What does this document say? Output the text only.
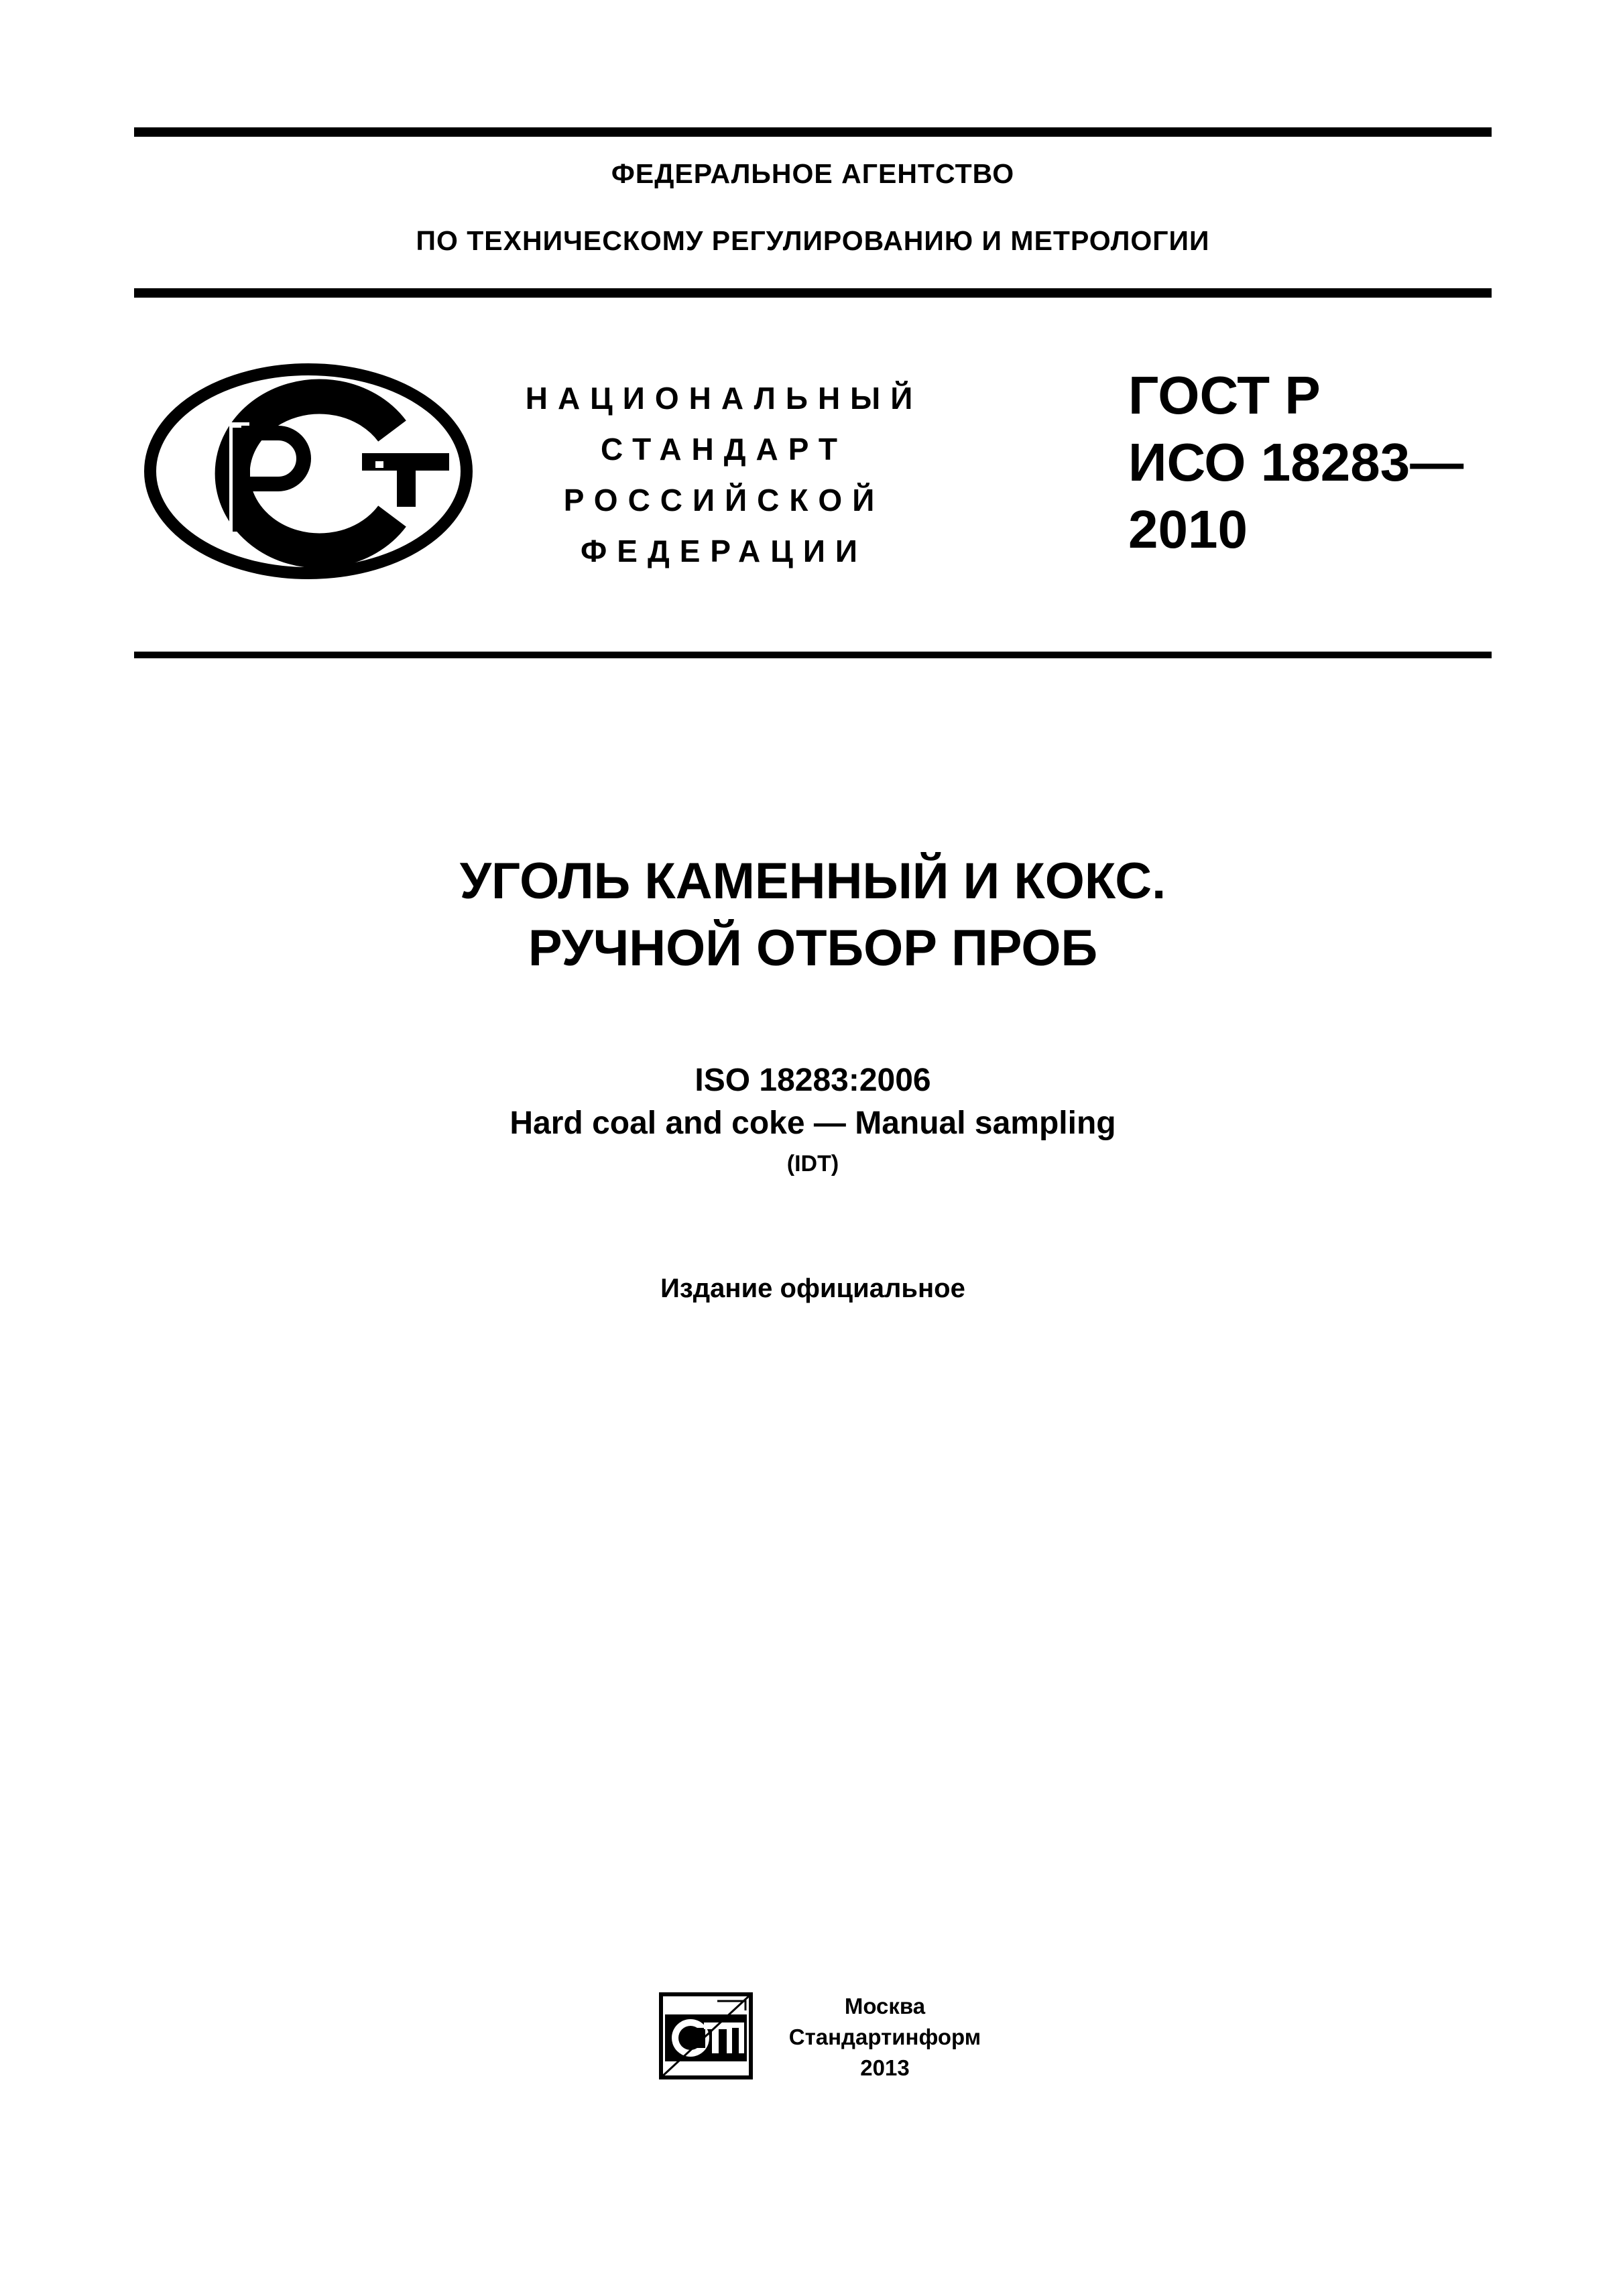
ФЕДЕРАЛЬНОЕ АГЕНТСТВО
ПО ТЕХНИЧЕСКОМУ РЕГУЛИРОВАНИЮ И МЕТРОЛОГИИ
НАЦИОНАЛЬНЫЙ
СТАНДАРТ
РОССИЙСКОЙ
ФЕДЕРАЦИИ
ГОСТ Р
ИСО 18283—
2010
УГОЛЬ КАМЕННЫЙ И КОКС.
РУЧНОЙ ОТБОР ПРОБ
ISO 18283:2006
Hard coal and coke — Manual sampling
(IDT)
Издание официальное
Москва
Стандартинформ
2013
